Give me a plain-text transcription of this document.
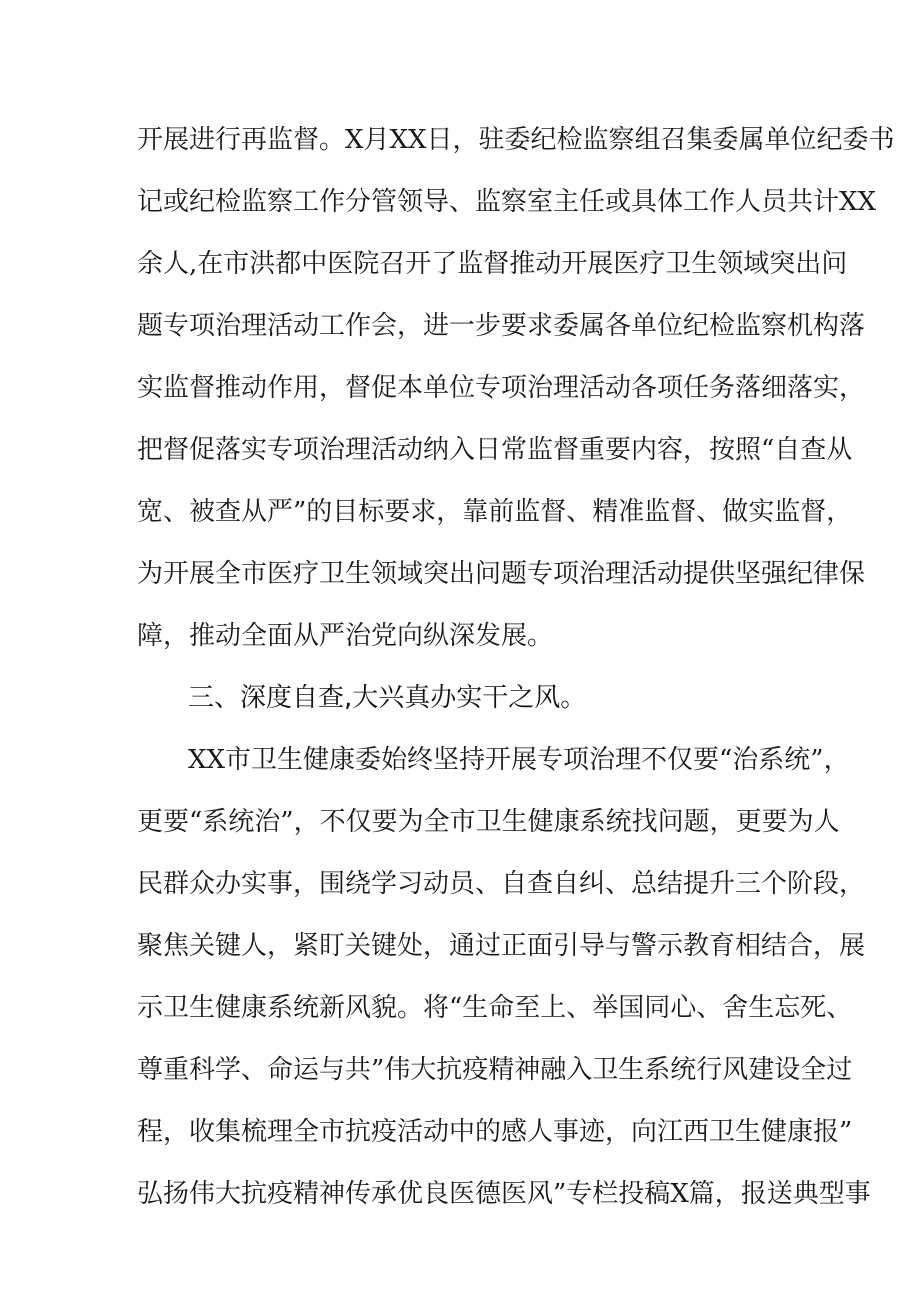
开展进行再监督。X月XX日，驻委纪检监察组召集委属单位纪委书
记或纪检监察工作分管领导、监察室主任或具体工作人员共计XX
余人,在市洪都中医院召开了监督推动开展医疗卫生领域突出问
题专项治理活动工作会，进一步要求委属各单位纪检监察机构落
实监督推动作用，督促本单位专项治理活动各项任务落细落实，
把督促落实专项治理活动纳入日常监督重要内容，按照“自查从
宽、被查从严”的目标要求，靠前监督、精准监督、做实监督，
为开展全市医疗卫生领域突出问题专项治理活动提供坚强纪律保
障，推动全面从严治党向纵深发展。
三、深度自查,大兴真办实干之风。
XX市卫生健康委始终坚持开展专项治理不仅要“治系统”，
更要“系统治”，不仅要为全市卫生健康系统找问题，更要为人
民群众办实事，围绕学习动员、自查自纠、总结提升三个阶段，
聚焦关键人，紧盯关键处，通过正面引导与警示教育相结合，展
示卫生健康系统新风貌。将“生命至上、举国同心、舍生忘死、
尊重科学、命运与共”伟大抗疫精神融入卫生系统行风建设全过
程，收集梳理全市抗疫活动中的感人事迹，向江西卫生健康报”
弘扬伟大抗疫精神传承优良医德医风”专栏投稿X篇，报送典型事
